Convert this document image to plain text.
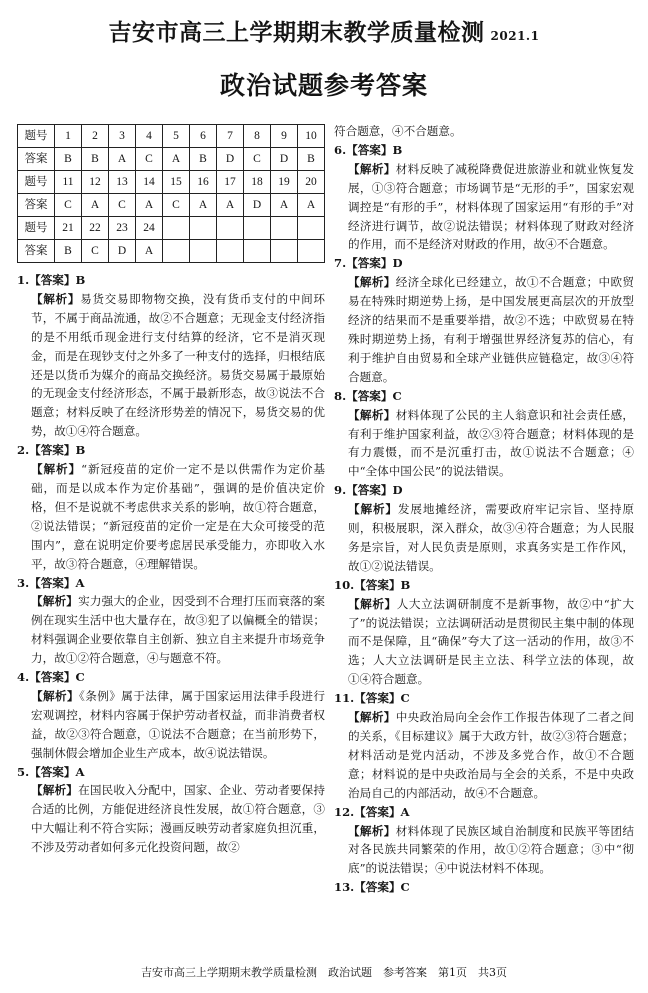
吉安市高三上学期期末教学质量检测 2021.1
政治试题参考答案
题号	1	2	3	4	5	6	7	8	9	10
答案	B	B	A	C	A	B	D	C	D	B
题号	11	12	13	14	15	16	17	18	19	20
答案	C	A	C	A	C	A	A	D	A	A
题号	21	22	23	24						
答案	B	C	D	A						
1.【答案】B
【解析】易货交易即物物交换，没有货币支付的中间环节，不属于商品流通，故②不合题意；无现金支付经济指的是不用纸币现金进行支付结算的经济，它不是消灭现金，而是在现钞支付之外多了一种支付的选择，归根结底还是以货币为媒介的商品交换经济。易货交易属于最原始的无现金支付经济形态，不属于最新形态，故③说法不合题意；材料反映了在经济形势差的情况下，易货交易的优势，故①④符合题意。
2.【答案】B
【解析】“新冠疫苗的定价一定不是以供需作为定价基础，而是以成本作为定价基础”，强调的是价值决定价格，但不是说就不考虑供求关系的影响，故①符合题意，②说法错误；“新冠疫苗的定价一定是在大众可接受的范围内”，意在说明定价要考虑居民承受能力，亦即收入水平，故③符合题意，④理解错误。
3.【答案】A
【解析】实力强大的企业，因受到不合理打压而衰落的案例在现实生活中也大量存在，故③犯了以偏概全的错误；材料强调企业要依靠自主创新、独立自主来提升市场竞争力，故①②符合题意，④与题意不符。
4.【答案】C
【解析】《条例》属于法律，属于国家运用法律手段进行宏观调控，材料内容属于保护劳动者权益，而非消费者权益，故②③符合题意，①说法不合题意；在当前形势下，强制休假会增加企业生产成本，故④说法错误。
5.【答案】A
【解析】在国民收入分配中，国家、企业、劳动者要保持合适的比例，方能促进经济良性发展，故①符合题意，③中大幅让利不符合实际；漫画反映劳动者家庭负担沉重，不涉及劳动者如何多元化投资问题，故②
符合题意，④不合题意。
6.【答案】B
【解析】材料反映了减税降费促进旅游业和就业恢复发展，①③符合题意；市场调节是“无形的手”，国家宏观调控是“有形的手”，材料体现了国家运用“有形的手”对经济进行调节，故②说法错误；材料体现了财政对经济的作用，而不是经济对财政的作用，故④不合题意。
7.【答案】D
【解析】经济全球化已经建立，故①不合题意；中欧贸易在特殊时期逆势上扬，是中国发展更高层次的开放型经济的结果而不是重要举措，故②不选；中欧贸易在特殊时期逆势上扬，有利于增强世界经济复苏的信心，有利于维护自由贸易和全球产业链供应链稳定，故③④符合题意。
8.【答案】C
【解析】材料体现了公民的主人翁意识和社会责任感，有利于维护国家利益，故②③符合题意；材料体现的是有力震慑，而不是沉重打击，故①说法不合题意；④中“全体中国公民”的说法错误。
9.【答案】D
【解析】发展地摊经济，需要政府牢记宗旨、坚持原则，积极展职，深入群众，故③④符合题意；为人民服务是宗旨，对人民负责是原则，求真务实是工作作风，故①②说法错误。
10.【答案】B
【解析】人大立法调研制度不是新事物，故②中“扩大了”的说法错误；立法调研活动是贯彻民主集中制的体现而不是保障，且“确保”夸大了这一活动的作用，故③不选；人大立法调研是民主立法、科学立法的体现，故①④符合题意。
11.【答案】C
【解析】中央政治局向全会作工作报告体现了二者之间的关系，《目标建议》属于大政方针，故②③符合题意；材料活动是党内活动，不涉及多党合作，故①不合题意；材料说的是中央政治局与全会的关系，不是中央政治局自己的内部活动，故④不合题意。
12.【答案】A
【解析】材料体现了民族区域自治制度和民族平等团结对各民族共同繁荣的作用，故①②符合题意；③中“彻底”的说法错误；④中说法材料不体现。
13.【答案】C
吉安市高三上学期期末教学质量检测　政治试题　参考答案　第1页　共3页
